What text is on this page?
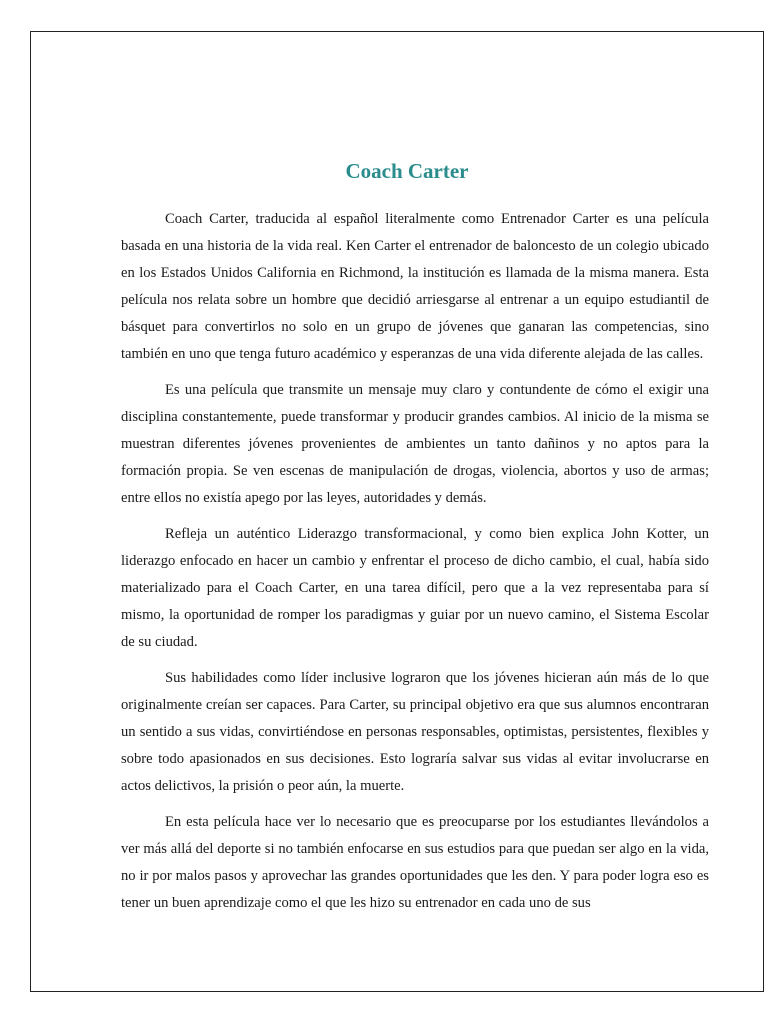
Coach Carter

Coach Carter, traducida al español literalmente como Entrenador Carter es una película basada en una historia de la vida real. Ken Carter el entrenador de baloncesto de un colegio ubicado en los Estados Unidos California en Richmond, la institución es llamada de la misma manera. Esta película nos relata sobre un hombre que decidió arriesgarse al entrenar a un equipo estudiantil de básquet para convertirlos no solo en un grupo de jóvenes que ganaran las competencias, sino también en uno que tenga futuro académico y esperanzas de una vida diferente alejada de las calles.

Es una película que transmite un mensaje muy claro y contundente de cómo el exigir una disciplina constantemente, puede transformar y producir grandes cambios. Al inicio de la misma se muestran diferentes jóvenes provenientes de ambientes un tanto dañinos y no aptos para la formación propia. Se ven escenas de manipulación de drogas, violencia, abortos y uso de armas; entre ellos no existía apego por las leyes, autoridades y demás.

Refleja un auténtico Liderazgo transformacional, y como bien explica John Kotter, un liderazgo enfocado en hacer un cambio y enfrentar el proceso de dicho cambio, el cual, había sido materializado para el Coach Carter, en una tarea difícil, pero que a la vez representaba para sí mismo, la oportunidad de romper los paradigmas y guiar por un nuevo camino, el Sistema Escolar de su ciudad.

Sus habilidades como líder inclusive lograron que los jóvenes hicieran aún más de lo que originalmente creían ser capaces. Para Carter, su principal objetivo era que sus alumnos encontraran un sentido a sus vidas, convirtiéndose en personas responsables, optimistas, persistentes, flexibles y sobre todo apasionados en sus decisiones. Esto lograría salvar sus vidas al evitar involucrarse en actos delictivos, la prisión o peor aún, la muerte.

En esta película hace ver lo necesario que es preocuparse por los estudiantes llevándolos a ver más allá del deporte si no también enfocarse en sus estudios para que puedan ser algo en la vida, no ir por malos pasos y aprovechar las grandes oportunidades que les den. Y para poder logra eso es tener un buen aprendizaje como el que les hizo su entrenador en cada uno de sus
